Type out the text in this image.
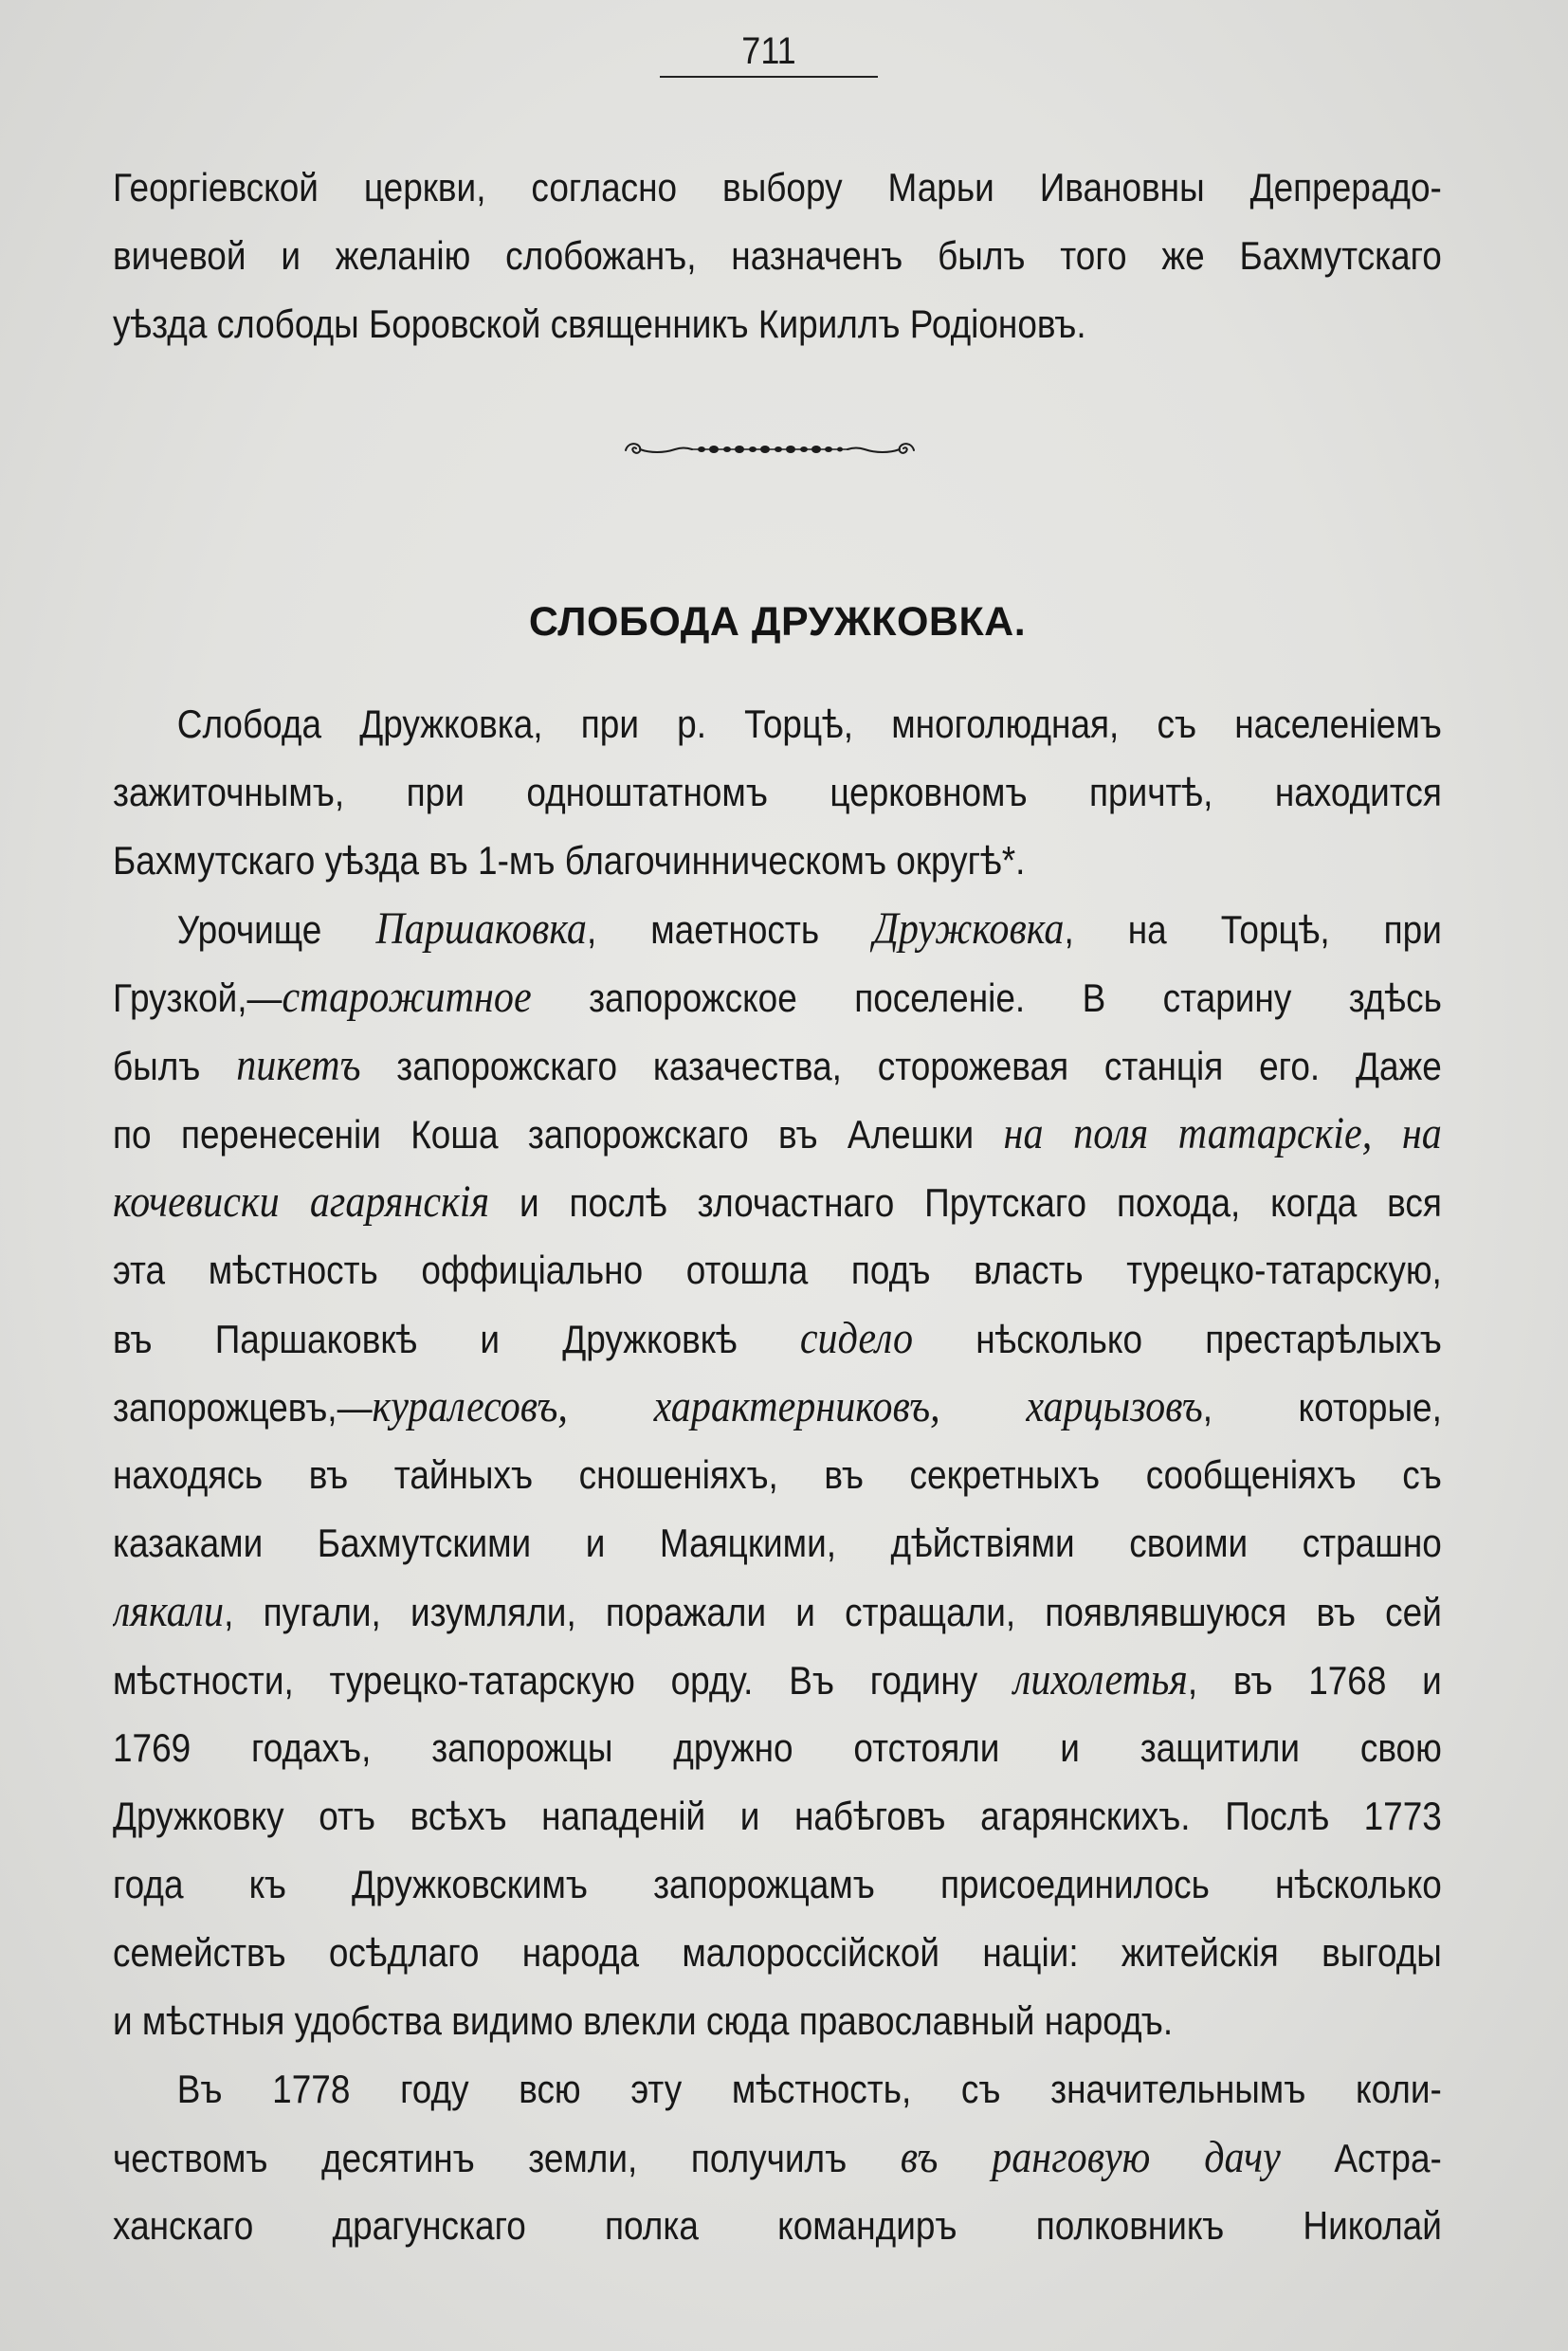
711
Георгіевской церкви, согласно выбору Марьи Ивановны Депрерадо-
вичевой и желанію слобожанъ, назначенъ былъ того же Бахмутскаго
уѣзда слободы Боровской священникъ Кириллъ Родіоновъ.
СЛОБОДА ДРУЖКОВКА.
Слобода Дружковка, при р. Торцѣ, многолюдная, съ населеніемъ
зажиточнымъ, при одноштатномъ церковномъ причтѣ, находится
Бахмутскаго уѣзда въ 1-мъ благочинническомъ округѣ*.
Урочище Паршаковка, маетность Дружковка, на Торцѣ, при
Грузкой,—старожитное запорожское поселеніе. В старину здѣсь
былъ пикетъ запорожскаго казачества, сторожевая станція его. Даже
по перенесеніи Коша запорожскаго въ Алешки на поля татарскіе, на
кочевиски агарянскія и послѣ злочастнаго Прутскаго похода, когда вся
эта мѣстность оффиціально отошла подъ власть турецко-татарскую,
въ Паршаковкѣ и Дружковкѣ сидело нѣсколько престарѣлыхъ
запорожцевъ,—куралесовъ, характерниковъ, харцызовъ, которые,
находясь въ тайныхъ сношеніяхъ, въ секретныхъ сообщеніяхъ съ
казаками Бахмутскими и Маяцкими, дѣйствіями своими страшно
лякали, пугали, изумляли, поражали и стращали, появлявшуюся въ сей
мѣстности, турецко-татарскую орду. Въ годину лихолетья, въ 1768 и
1769 годахъ, запорожцы дружно отстояли и защитили свою
Дружковку отъ всѣхъ нападеній и набѣговъ агарянскихъ. Послѣ 1773
года къ Дружковскимъ запорожцамъ присоединилось нѣсколько
семействъ осѣдлаго народа малороссійской націи: житейскія выгоды
и мѣстныя удобства видимо влекли сюда православный народъ.
Въ 1778 году всю эту мѣстность, съ значительнымъ коли-
чествомъ десятинъ земли, получилъ въ ранговую дачу Астра-
ханскаго драгунскаго полка командиръ полковникъ Николай
